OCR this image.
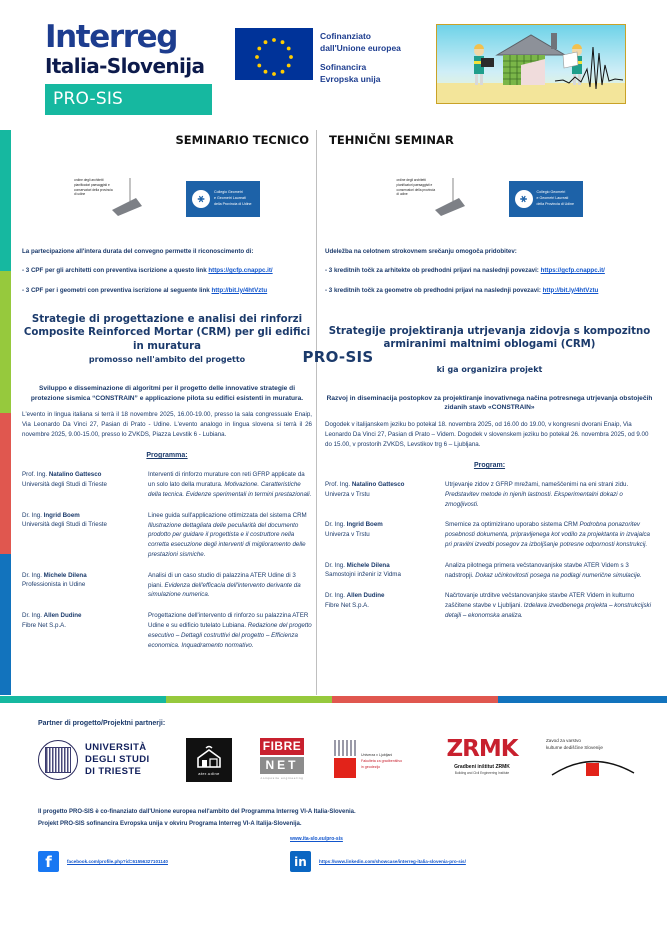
Interreg
Italia-Slovenija
PRO-SIS
Cofinanziato
dall'Unione europea
Sofinancira
Evropska unija
PRO-SIS
SEMINARIO TECNICO
ordine degli architetti pianificatori paesaggisti e conservatori della provincia di udine	⚹	Collegio Geometri
e Geometri Laureati
della Provincia di Udine
La partecipazione all'intera durata del convegno permette il riconoscimento di:
- 3 CPF per gli architetti con preventiva iscrizione a questo link https://gcfp.cnappc.it/
- 3 CPF per i geometri con preventiva iscrizione al seguente link http://bit.ly/4htVztu
Strategie di progettazione e analisi dei rinforzi Composite Reinforced Mortar (CRM) per gli edifici in muratura
promosso nell'ambito del progetto
Sviluppo e disseminazione di algoritmi per il progetto delle innovative strategie di protezione sismica “CONSTRAIN” e applicazione pilota su edifici esistenti in muratura.
L'evento in lingua italiana si terrà il 18 novembre 2025, 16.00-19.00, presso la sala congressuale Enaip, Via Leonardo Da Vinci 27, Pasian di Prato - Udine. L'evento analogo in lingua slovena si terrà il 26 novembre 2025, 9.00-15.00, presso lo ZVKDS, Piazza Levstik 6 - Lubiana.
Programma:
Prof. Ing. Natalino Gattesco
Università degli Studi di Trieste
Interventi di rinforzo murature con reti GFRP applicate da un solo lato della muratura. Motivazione. Caratteristiche della tecnica. Evidenze sperimentali in termini prestazionali.
Dr. Ing. Ingrid Boem
Università degli Studi di Trieste
Linee guida sull'applicazione ottimizzata del sistema CRM Illustrazione dettagliata delle peculiarità del documento prodotto per guidare il progettista e il costruttore nella corretta esecuzione degli interventi di miglioramento delle prestazioni sismiche.
Dr. Ing. Michele Dilena
Professionista in Udine
Analisi di un caso studio di palazzina ATER Udine di 3 piani. Evidenza dell'efficacia dell'intervento derivante da simulazione numerica.
Dr. Ing. Allen Dudine
Fibre Net S.p.A.
Progettazione dell'intervento di rinforzo su palazzina ATER Udine e su edificio tutelato Lubiana. Redazione del progetto esecutivo – Dettagli costruttivi del progetto – Efficienza economica. Inquadramento normativo.
TEHNIČNI SEMINAR
ordine degli architetti pianificatori paesaggisti e conservatori della provincia di udine	⚹	Collegio Geometri
e Geometri Laureati
della Provincia di Udine
Udeležba na celotnem strokovnem srečanju omogoča pridobitev:
- 3 kreditnih točk za arhitekte ob predhodni prijavi na naslednji povezavi: https://gcfp.cnappc.it/
- 3 kreditnih točk za geometre ob predhodni prijavi na naslednji povezavi: http://bit.ly/4htVztu
Strategije projektiranja utrjevanja zidovja s kompozitno armiranimi maltnimi oblogami (CRM)
ki ga organizira projekt
Razvoj in diseminacija postopkov za projektiranje inovativnega načina potresnega utrjevanja obstoječih zidanih stavb «CONSTRAIN»
Dogodek v italijanskem jeziku bo potekal 18. novembra 2025, od 16.00 do 19.00, v kongresni dvorani Enaip, Via Leonardo Da Vinci 27, Pasian di Prato – Videm. Dogodek v slovenskem jeziku bo potekal 26. novembra 2025, od 9.00 do 15.00, v prostorih ZVKDS, Levstikov trg 6 – Ljubljana.
Program:
Prof. Ing. Natalino Gattesco
Univerza v Trstu
Utrjevanje zidov z GFRP mrežami, nameščenimi na eni strani zidu. Predstavitev metode in njenih lastnosti. Eksperimentalni dokazi o zmogljivosti.
Dr. Ing. Ingrid Boem
Univerza v Trstu
Smernice za optimizirano uporabo sistema CRM Podrobna ponazoritev posebnosti dokumenta, pripravljenega kot vodilo za projektanta in izvajalca pri pravilni izvedbi posegov za izboljšanje potresne odpornosti konstrukcij.
Dr. Ing. Michele Dilena
Samostojni inženir iz Vidma
Analiza pilotnega primera večstanovanjske stavbe ATER Videm s 3 nadstropji. Dokaz učinkovitosti posega na podlagi numerične simulacije.
Dr. Ing. Allen Dudine
Fibre Net S.p.A.
Načrtovanje utrditve večstanovanjske stavbe ATER Videm in kulturno zaščitene stavbe v Ljubljani. Izdelava izvedbenega projekta – konstrukcijski detajli – ekonomska analiza.
Partner di progetto/Projektni partnerji:
UNIVERSITÀ
DEGLI STUDI
DI TRIESTE	ater.udine
FIBRE
NET
composite engineering
Univerza v Ljubljani
Fakulteta za gradbeništvo
in geodezijo
ZRMK
Gradbeni inštitut ZRMK
Building and Civil Engineering Institute
Zavod za varstvo
kulturne dediščine Slovenije
Il progetto PRO-SIS è co-finanziato dall'Unione europea nell'ambito del Programma Interreg VI-A Italia-Slovenia.
Projekt PRO-SIS sofinancira Evropska unija v okviru Programa Interreg VI-A Italija-Slovenija.
www.ita-slo.eu/pro-sis
f	facebook.com/profile.php?id=61556327101140	in	https://www.linkedin.com/showcase/interreg-italia-slovenia-pro-sis/
